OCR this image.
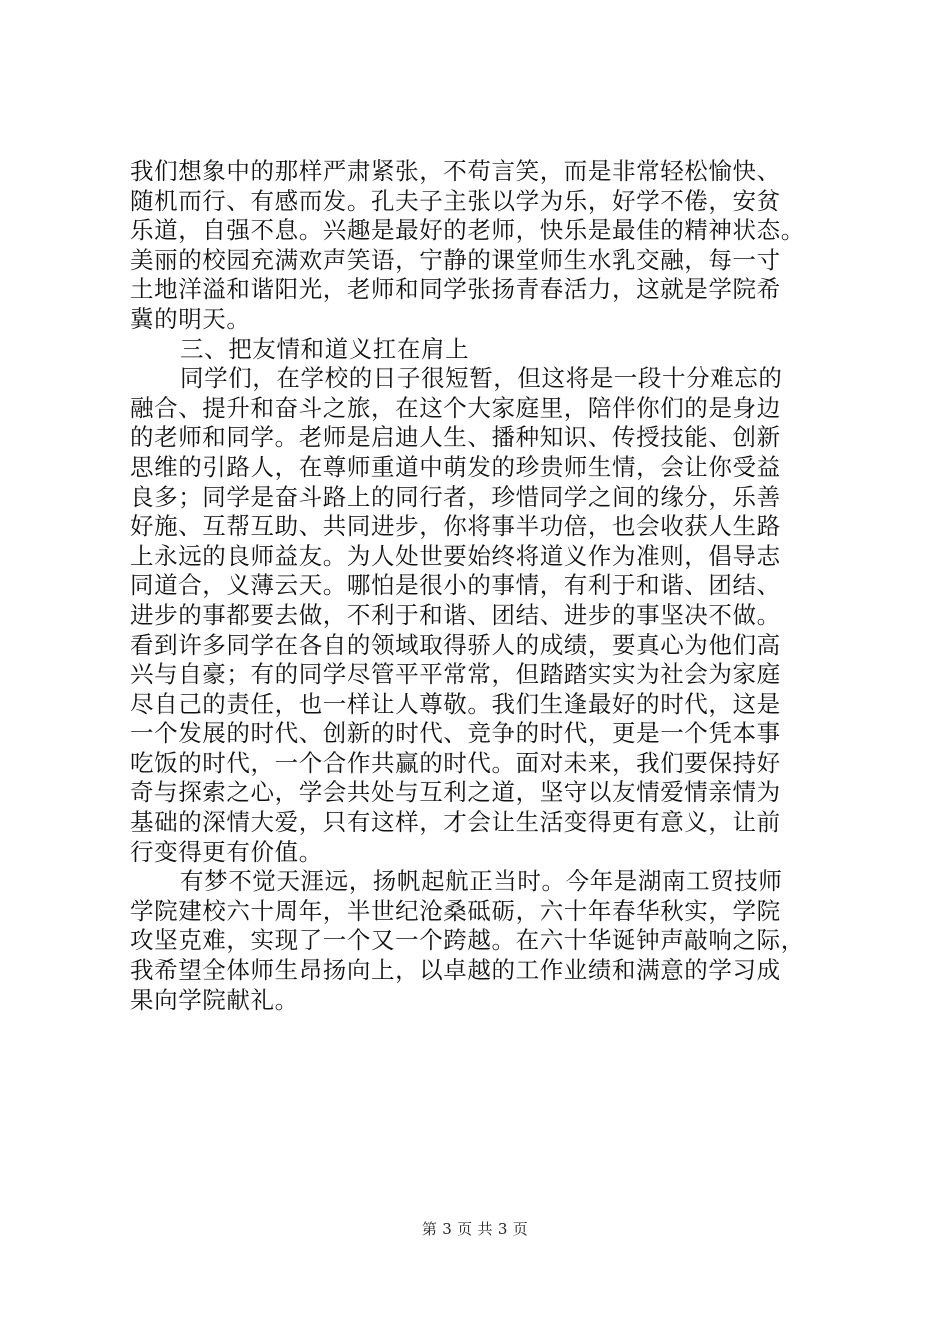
我们想象中的那样严肃紧张，不苟言笑，而是非常轻松愉快、
随机而行、有感而发。孔夫子主张以学为乐，好学不倦，安贫
乐道，自强不息。兴趣是最好的老师，快乐是最佳的精神状态。
美丽的校园充满欢声笑语，宁静的课堂师生水乳交融，每一寸
土地洋溢和谐阳光，老师和同学张扬青春活力，这就是学院希
冀的明天。
三、把友情和道义扛在肩上
同学们，在学校的日子很短暂，但这将是一段十分难忘的
融合、提升和奋斗之旅，在这个大家庭里，陪伴你们的是身边
的老师和同学。老师是启迪人生、播种知识、传授技能、创新
思维的引路人，在尊师重道中萌发的珍贵师生情，会让你受益
良多；同学是奋斗路上的同行者，珍惜同学之间的缘分，乐善
好施、互帮互助、共同进步，你将事半功倍，也会收获人生路
上永远的良师益友。为人处世要始终将道义作为准则，倡导志
同道合，义薄云天。哪怕是很小的事情，有利于和谐、团结、
进步的事都要去做，不利于和谐、团结、进步的事坚决不做。
看到许多同学在各自的领域取得骄人的成绩，要真心为他们高
兴与自豪；有的同学尽管平平常常，但踏踏实实为社会为家庭
尽自己的责任，也一样让人尊敬。我们生逢最好的时代，这是
一个发展的时代、创新的时代、竞争的时代，更是一个凭本事
吃饭的时代，一个合作共赢的时代。面对未来，我们要保持好
奇与探索之心，学会共处与互利之道，坚守以友情爱情亲情为
基础的深情大爱，只有这样，才会让生活变得更有意义，让前
行变得更有价值。
有梦不觉天涯远，扬帆起航正当时。今年是湖南工贸技师
学院建校六十周年，半世纪沧桑砥砺，六十年春华秋实，学院
攻坚克难，实现了一个又一个跨越。在六十华诞钟声敲响之际，
我希望全体师生昂扬向上，以卓越的工作业绩和满意的学习成
果向学院献礼。
第 3 页 共 3 页
